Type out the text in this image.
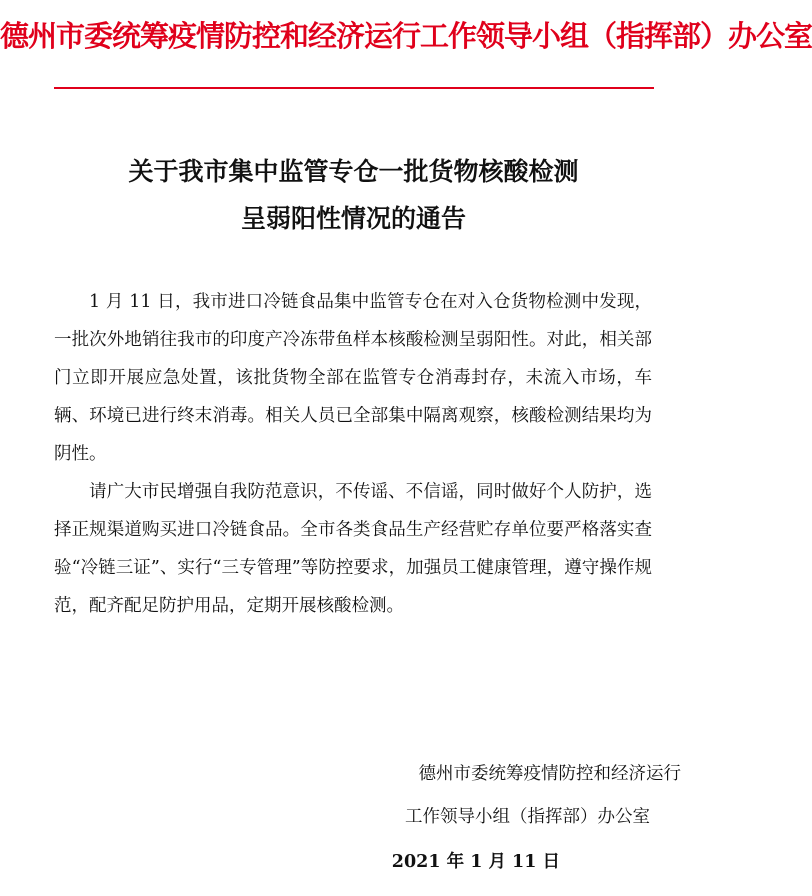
德州市委统筹疫情防控和经济运行工作领导小组（指挥部）办公室
关于我市集中监管专仓一批货物核酸检测
呈弱阳性情况的通告

1 月 11 日，我市进口冷链食品集中监管专仓在对入仓货物检测中发现，一批次外地销往我市的印度产冷冻带鱼样本核酸检测呈弱阳性。对此，相关部门立即开展应急处置，该批货物全部在监管专仓消毒封存，未流入市场，车辆、环境已进行终末消毒。相关人员已全部集中隔离观察，核酸检测结果均为阴性。

请广大市民增强自我防范意识，不传谣、不信谣，同时做好个人防护，选择正规渠道购买进口冷链食品。全市各类食品生产经营贮存单位要严格落实查验“冷链三证”、实行“三专管理”等防控要求，加强员工健康管理，遵守操作规范，配齐配足防护用品，定期开展核酸检测。

德州市委统筹疫情防控和经济运行
工作领导小组（指挥部）办公室
2021 年 1 月 11 日
